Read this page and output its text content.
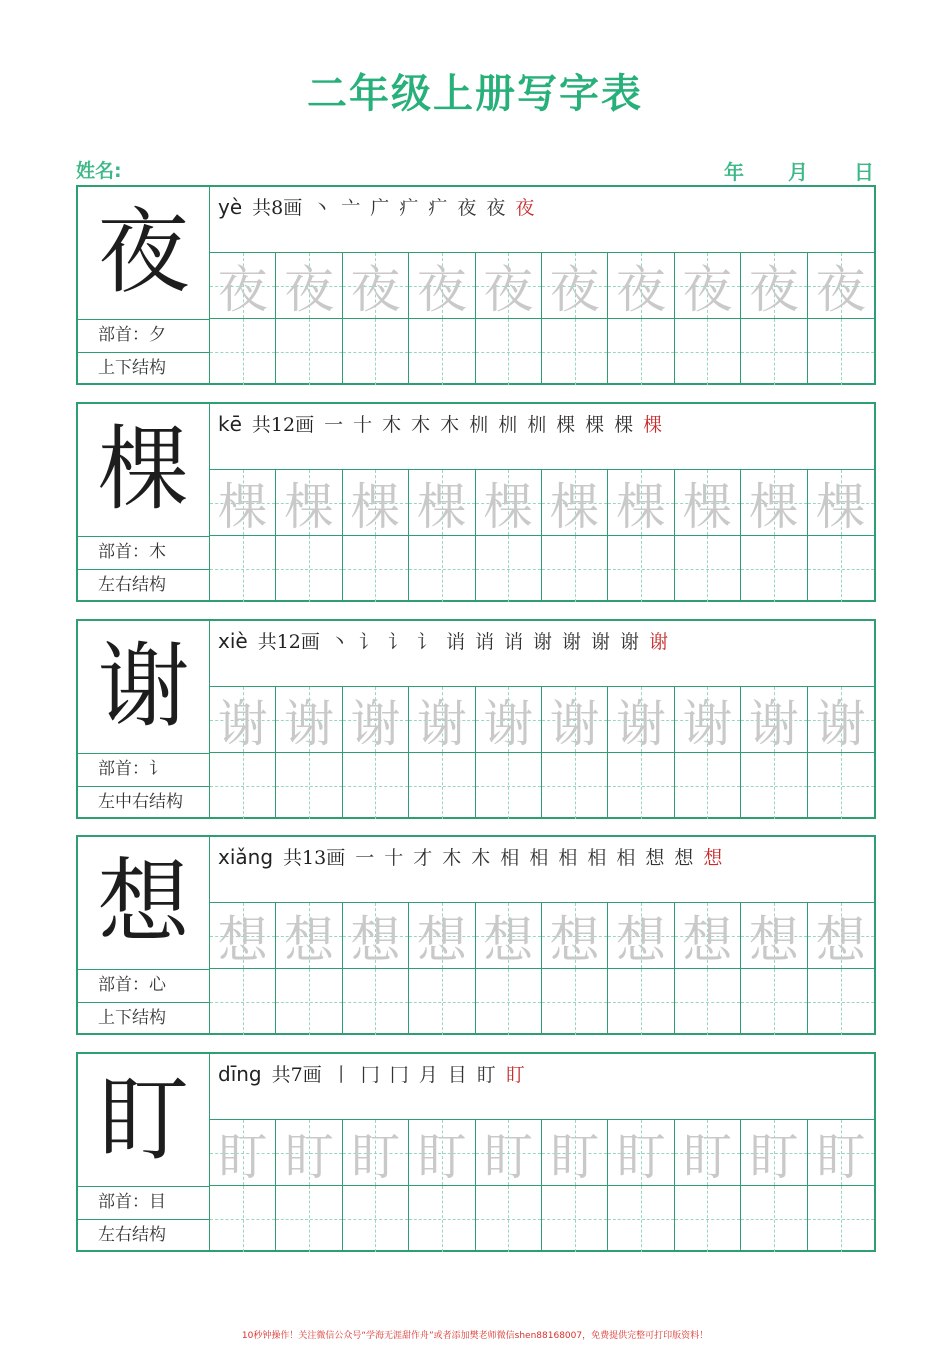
二年级上册写字表
姓名:	年 月 日
夜
部首：夕
上下结构
yè 共8画 丶 亠 广 疒 疒 夜 夜 夜
夜 夜 夜 夜 夜 夜 夜 夜 夜 夜
棵
部首：木
左右结构
kē 共12画 一 十 木 木 木 杊 杊 杊 棵 棵 棵 棵
棵 棵 棵 棵 棵 棵 棵 棵 棵 棵
谢
部首：讠
左中右结构
xiè 共12画 丶 讠 讠 讠 诮 诮 诮 谢 谢 谢 谢 谢
谢 谢 谢 谢 谢 谢 谢 谢 谢 谢
想
部首：心
上下结构
xiǎng 共13画 一 十 才 木 木 相 相 相 相 相 想 想 想
想 想 想 想 想 想 想 想 想 想
盯
部首：目
左右结构
dīng 共7画 丨 冂 冂 月 目 盯 盯
盯 盯 盯 盯 盯 盯 盯 盯 盯 盯
10秒钟操作！关注微信公众号“学海无涯甜作舟”或者添加樊老师微信shen88168007，免费提供完整可打印版资料！
